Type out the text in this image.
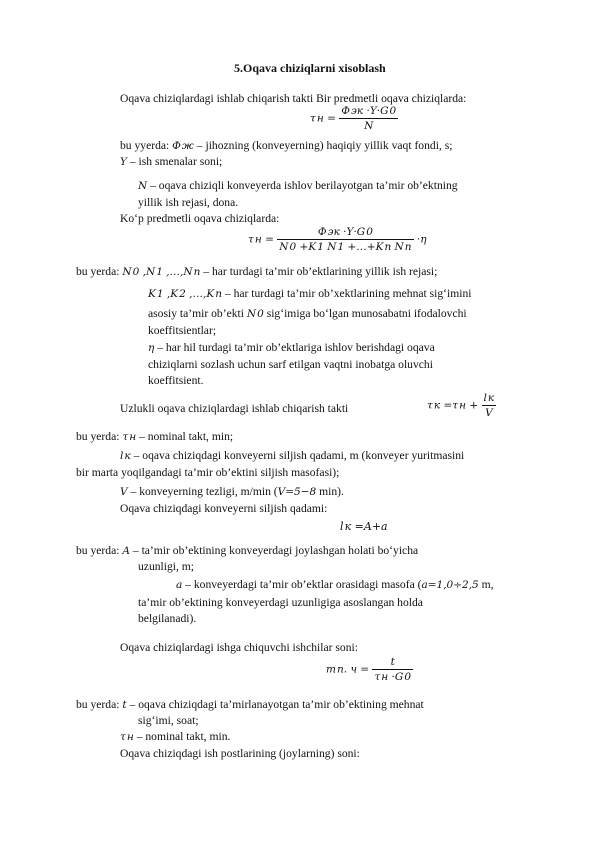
5.Oqava chiziqlarni xisoblash
Oqava chiziqlardagi ishlab chiqarish takti Bir predmetli oqava chiziqlarda:
τ $н = \frac{\text{Ф эк ·Y·G 0}}{N}$
bu yyerda: Ф ж – jihozning (konveyerning) haqiqiy yillik vaqt fondi, s;
Y – ish smenalar soni;
N – oqava chiziqli konveyerda ishlov berilayotgan ta’mir ob’ektning
yillik ish rejasi, dona.
Ko‘p predmetli oqava chiziqlarda:
τ $н = \frac{\text{Ф эк ·Y·G 0}}{\text{N 0 +K 1 N 1 +…+K n N n}} \cdot\eta$
bu yerda: N 0 ,N 1 ,…,N n – har turdagi ta’mir ob’ektlarining yillik ish rejasi;
K 1 ,K 2 ,…,K п – har turdagi ta’mir ob’xektlarining mehnat sig‘imini
asosiy ta’mir ob’ekti N 0 sig‘imiga bo‘lgan munosabatni ifodalovchi
koeffitsientlar;
η – har hil turdagi ta’mir ob’ektlariga ishlov berishdagi oqava
chiziqlarni sozlash uchun sarf etilgan vaqtni inobatga oluvchi
koeffitsient.
Uzlukli oqava chiziqlardagi ishlab chiqarish takti	τ к =τ $н + \frac{\text{l к}}{V}$
bu yerda: τ н – nominal takt, min;
l к – oqava chiziqdagi konveyerni siljish qadami, m (konveyer yuritmasini
bir marta yoqilgandagi ta’mir ob’ektini siljish masofasi);
V – konveyerning tezligi, m/min (V=5−8 min).
Oqava chiziqdagi konveyerni siljish qadami:
l к =A+a
bu yerda: A – ta’mir ob’ektining konveyerdagi joylashgan holati bo‘yicha
uzunligi, m;
a – konveyerdagi ta’mir ob’ektlar orasidagi masofa (a=1,0÷2,5 m,
ta’mir ob’ektining konveyerdagi uzunligiga asoslangan holda
belgilanadi).
Oqava chiziqlardagi ishga chiquvchi ishchilar soni:
m п. $ч = \frac{t}{\text{τ н ·G 0}}$
bu yerda: t – oqava chiziqdagi ta’mirlanayotgan ta’mir ob’ektining mehnat
sig‘imi, soat;
τ н – nominal takt, min.
Oqava chiziqdagi ish postlarining (joylarning) soni:
